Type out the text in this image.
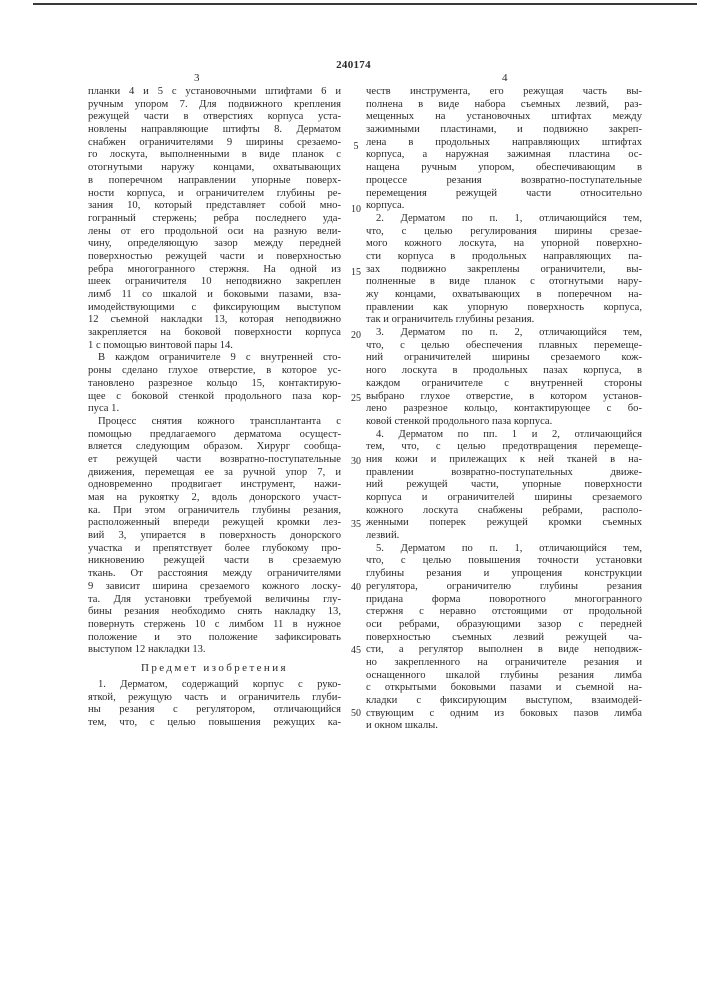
240174
3	4
планки 4 и 5 с установочными штифтами 6 и
ручным упором 7. Для подвижного крепления
режущей части в отверстиях корпуса уста-
новлены направляющие штифты 8. Дерматом
снабжен ограничителями 9 ширины срезаемо-
го лоскута, выполненными в виде планок с
отогнутыми наружу концами, охватывающих
в поперечном направлении упорные поверх-
ности корпуса, и ограничителем глубины ре-
зания 10, который представляет собой мно-
гогранный стержень; ребра последнего уда-
лены от его продольной оси на разную вели-
чину, определяющую зазор между передней
поверхностью режущей части и поверхностью
ребра многогранного стержня. На одной из
шеек ограничителя 10 неподвижно закреплен
лимб 11 со шкалой и боковыми пазами, вза-
имодействующими с фиксирующим выступом
12 съемной накладки 13, которая неподвижно
закрепляется на боковой поверхности корпуса
1 с помощью винтовой пары 14.
В каждом ограничителе 9 с внутренней сто-
роны сделано глухое отверстие, в которое ус-
тановлено разрезное кольцо 15, контактирую-
щее с боковой стенкой продольного паза кор-
пуса 1.
Процесс снятия кожного трансплантанта с
помощью предлагаемого дерматома осущест-
вляется следующим образом. Хирург сообща-
ет режущей части возвратно-поступательные
движения, перемещая ее за ручной упор 7, и
одновременно продвигает инструмент, нажи-
мая на рукоятку 2, вдоль донорского участ-
ка. При этом ограничитель глубины резания,
расположенный впереди режущей кромки лез-
вий 3, упирается в поверхность донорского
участка и препятствует более глубокому про-
никновению режущей части в срезаемую
ткань. От расстояния между ограничителями
9 зависит ширина срезаемого кожного лоску-
та. Для установки требуемой величины глу-
бины резания необходимо снять накладку 13,
повернуть стержень 10 с лимбом 11 в нужное
положение и это положение зафиксировать
выступом 12 накладки 13.
Предмет изобретения
1. Дерматом, содержащий корпус с руко-
яткой, режущую часть и ограничитель глуби-
ны резания с регулятором, отличающийся
тем, что, с целью повышения режущих ка-
честв инструмента, его режущая часть вы-
полнена в виде набора съемных лезвий, раз-
мещенных на установочных штифтах между
зажимными пластинами, и подвижно закреп-
лена в продольных направляющих штифтах
корпуса, а наружная зажимная пластина ос-
нащена ручным упором, обеспечивающим в
процессе резания возвратно-поступательные
перемещения режущей части относительно
корпуса.
2. Дерматом по п. 1, отличающийся тем,
что, с целью регулирования ширины срезае-
мого кожного лоскута, на упорной поверхно-
сти корпуса в продольных направляющих па-
зах подвижно закреплены ограничители, вы-
полненные в виде планок с отогнутыми нару-
жу концами, охватывающих в поперечном на-
правлении как упорную поверхность корпуса,
так и ограничитель глубины резания.
3. Дерматом по п. 2, отличающийся тем,
что, с целью обеспечения плавных перемеще-
ний ограничителей ширины срезаемого кож-
ного лоскута в продольных пазах корпуса, в
каждом ограничителе с внутренней стороны
выбрано глухое отверстие, в котором установ-
лено разрезное кольцо, контактирующее с бо-
ковой стенкой продольного паза корпуса.
4. Дерматом по пп. 1 и 2, отличающийся
тем, что, с целью предотвращения перемеще-
ния кожи и прилежащих к ней тканей в на-
правлении возвратно-поступательных движе-
ний режущей части, упорные поверхности
корпуса и ограничителей ширины срезаемого
кожного лоскута снабжены ребрами, располо-
женными поперек режущей кромки съемных
лезвий.
5. Дерматом по п. 1, отличающийся тем,
что, с целью повышения точности установки
глубины резания и упрощения конструкции
регулятора, ограничителю глубины резания
придана форма поворотного многогранного
стержня с неравно отстоящими от продольной
оси ребрами, образующими зазор с передней
поверхностью съемных лезвий режущей ча-
сти, а регулятор выполнен в виде неподвиж-
но закрепленного на ограничителе резания и
оснащенного шкалой глубины резания лимба
с открытыми боковыми пазами и съемной на-
кладки с фиксирующим выступом, взаимодей-
ствующим с одним из боковых пазов лимба
и окном шкалы.
5
10
15
20
25
30
35
40
45
50
